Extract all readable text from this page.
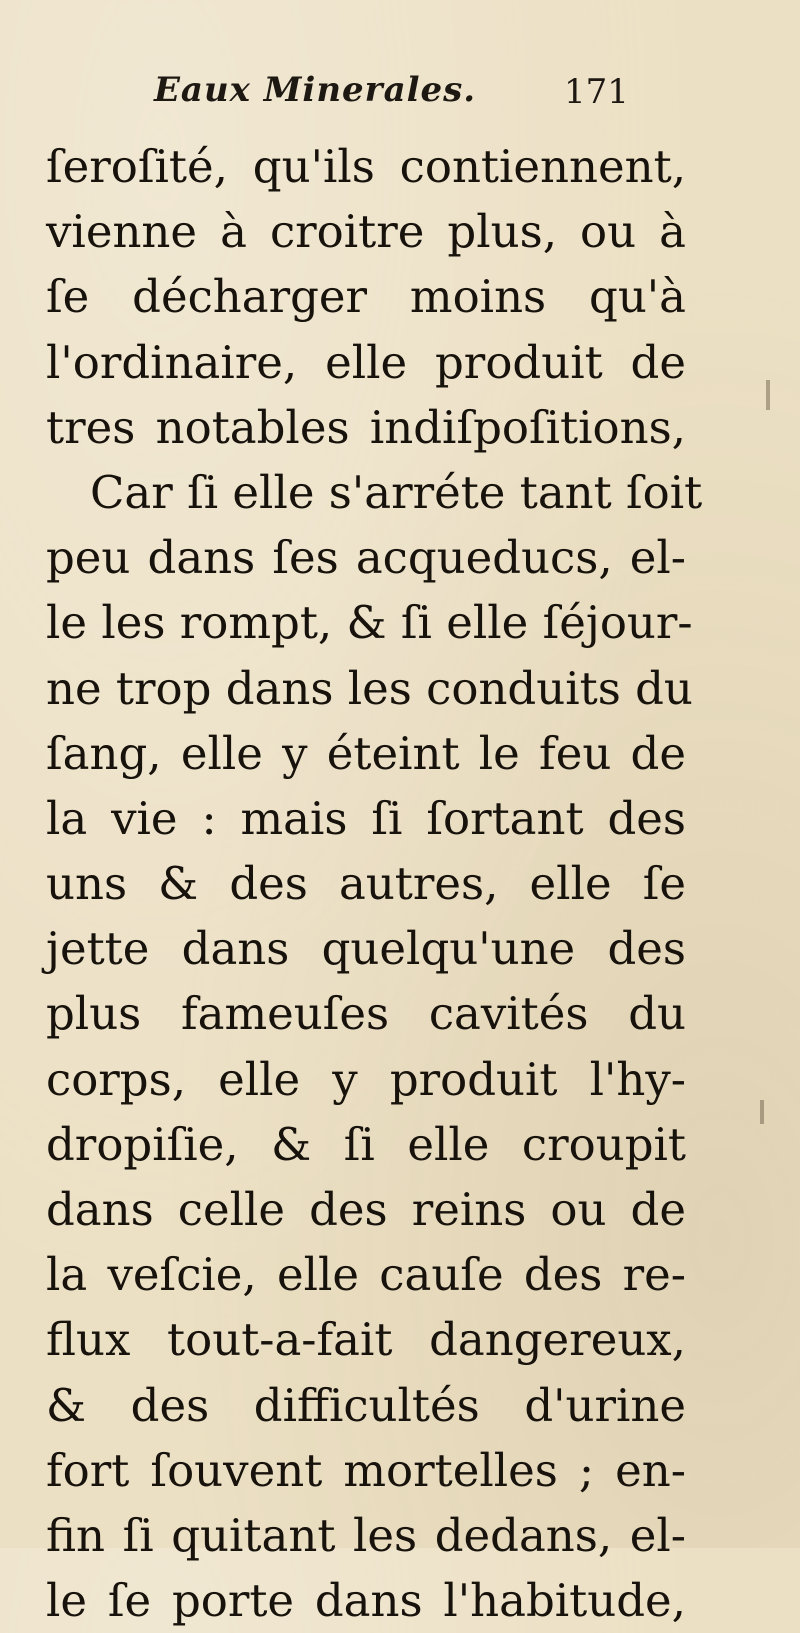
Eaux Minerales.	171
ſeroſité, qu'ils contiennent,
vienne à croitre plus, ou à
ſe décharger moins qu'à
l'ordinaire, elle produit de
tres notables indiſpoſitions,
Car ſi elle s'arréte tant ſoit
peu dans ſes acqueducs, el-
le les rompt, & ſi elle ſéjour-
ne trop dans les conduits du
ſang, elle y éteint le feu de
la vie : mais ſi ſortant des
uns & des autres, elle ſe
jette dans quelqu'une des
plus fameuſes cavités du
corps, elle y produit l'hy-
dropiſie, & ſi elle croupit
dans celle des reins ou de
la veſcie, elle cauſe des re-
flux tout-a-fait dangereux,
& des difficultés d'urine
fort ſouvent mortelles ; en-
fin ſi quitant les dedans, el-
le ſe porte dans l'habitude,
